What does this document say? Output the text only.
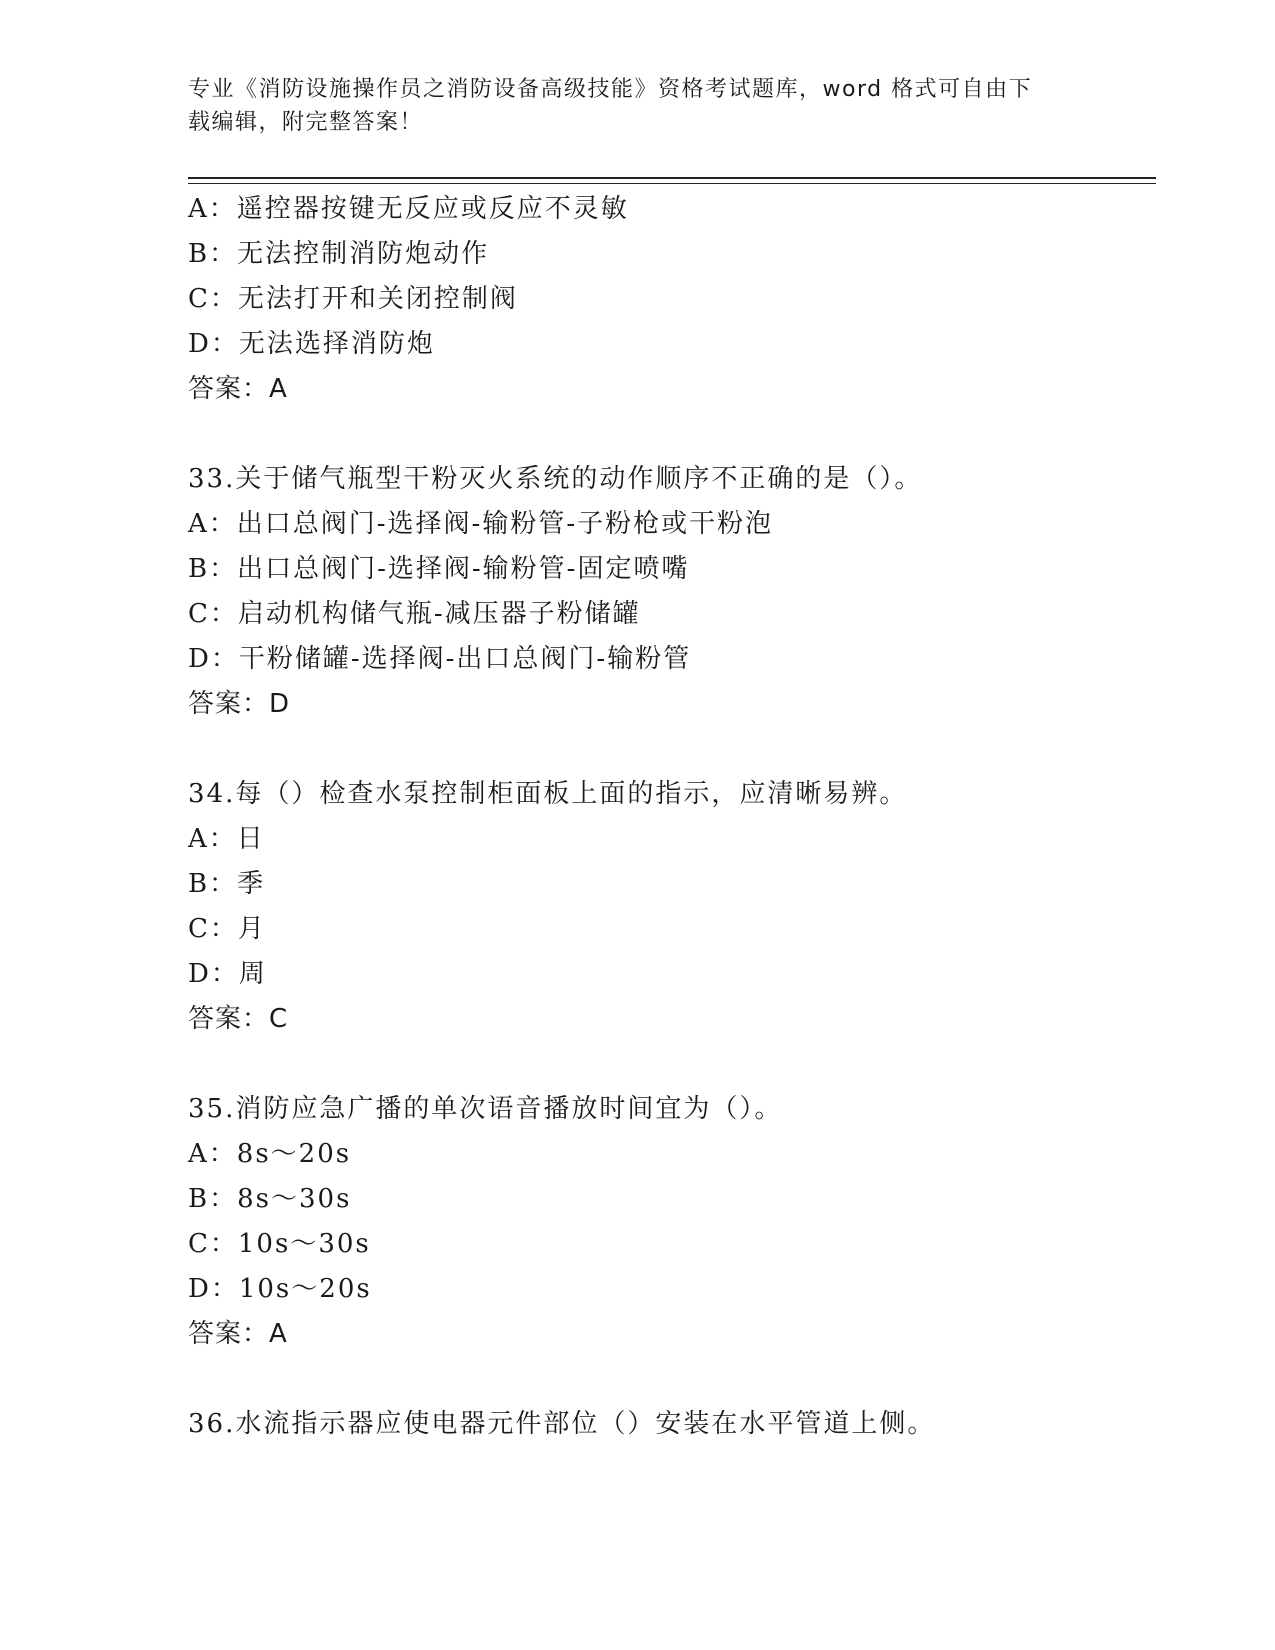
专业《消防设施操作员之消防设备高级技能》资格考试题库，word 格式可自由下
载编辑，附完整答案！
A：遥控器按键无反应或反应不灵敏
B：无法控制消防炮动作
C：无法打开和关闭控制阀
D：无法选择消防炮
答案：A
33.关于储气瓶型干粉灭火系统的动作顺序不正确的是（）。
A：出口总阀门-选择阀-输粉管-子粉枪或干粉泡
B：出口总阀门-选择阀-输粉管-固定喷嘴
C：启动机构储气瓶-减压器子粉储罐
D：干粉储罐-选择阀-出口总阀门-输粉管
答案：D
34.每（）检查水泵控制柜面板上面的指示，应清晰易辨。
A：日
B：季
C：月
D：周
答案：C
35.消防应急广播的单次语音播放时间宜为（）。
A：8s～20s
B：8s～30s
C：10s～30s
D：10s～20s
答案：A
36.水流指示器应使电器元件部位（）安装在水平管道上侧。
